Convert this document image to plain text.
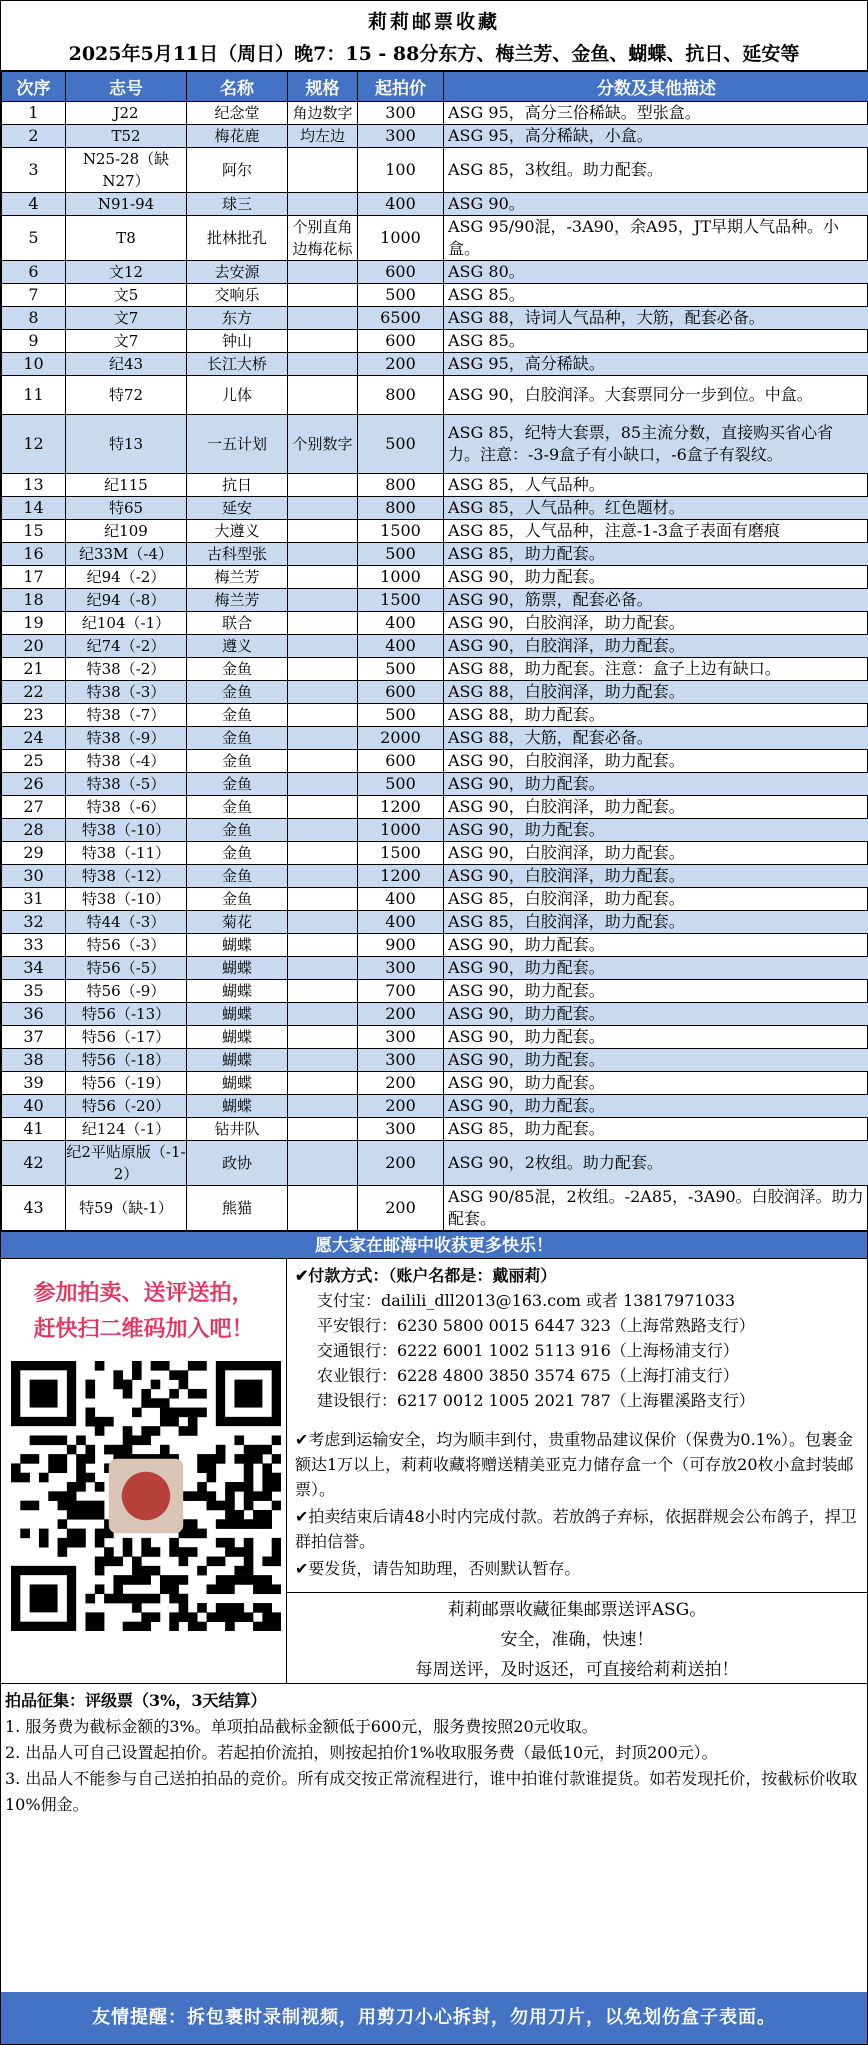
莉莉邮票收藏
2025年5月11日（周日）晚7：15 - 88分东方、梅兰芳、金鱼、蝴蝶、抗日、延安等
次序	志号	名称	规格	起拍价	分数及其他描述
1	J22	纪念堂	角边数字	300	ASG 95，高分三俗稀缺。型张盒。
2	T52	梅花鹿	均左边	300	ASG 95，高分稀缺，小盒。
3	N25-28（缺N27）	阿尔		100	ASG 85，3枚组。助力配套。
4	N91-94	球三		400	ASG 90。
5	T8	批林批孔	个别直角边梅花标	1000	ASG 95/90混，-3A90，余A95，JT早期人气品种。小盒。
6	文12	去安源		600	ASG 80。
7	文5	交响乐		500	ASG 85。
8	文7	东方		6500	ASG 88，诗词人气品种，大筋，配套必备。
9	文7	钟山		600	ASG 85。
10	纪43	长江大桥		200	ASG 95，高分稀缺。
11	特72	儿体		800	ASG 90，白胶润泽。大套票同分一步到位。中盒。
12	特13	一五计划	个别数字	500	ASG 85，纪特大套票，85主流分数，直接购买省心省力。注意：-3-9盒子有小缺口，-6盒子有裂纹。
13	纪115	抗日		800	ASG 85，人气品种。
14	特65	延安		800	ASG 85，人气品种。红色题材。
15	纪109	大遵义		1500	ASG 85，人气品种，注意-1-3盒子表面有磨痕
16	纪33M（-4）	古科型张		500	ASG 85，助力配套。
17	纪94（-2）	梅兰芳		1000	ASG 90，助力配套。
18	纪94（-8）	梅兰芳		1500	ASG 90，筋票，配套必备。
19	纪104（-1）	联合		400	ASG 90，白胶润泽，助力配套。
20	纪74（-2）	遵义		400	ASG 90，白胶润泽，助力配套。
21	特38（-2）	金鱼		500	ASG 88，助力配套。注意：盒子上边有缺口。
22	特38（-3）	金鱼		600	ASG 88，白胶润泽，助力配套。
23	特38（-7）	金鱼		500	ASG 88，助力配套。
24	特38（-9）	金鱼		2000	ASG 88，大筋，配套必备。
25	特38（-4）	金鱼		600	ASG 90，白胶润泽，助力配套。
26	特38（-5）	金鱼		500	ASG 90，助力配套。
27	特38（-6）	金鱼		1200	ASG 90，白胶润泽，助力配套。
28	特38（-10）	金鱼		1000	ASG 90，助力配套。
29	特38（-11）	金鱼		1500	ASG 90，白胶润泽，助力配套。
30	特38（-12）	金鱼		1200	ASG 90，白胶润泽，助力配套。
31	特38（-10）	金鱼		400	ASG 85，白胶润泽，助力配套。
32	特44（-3）	菊花		400	ASG 85，白胶润泽，助力配套。
33	特56（-3）	蝴蝶		900	ASG 90，助力配套。
34	特56（-5）	蝴蝶		300	ASG 90，助力配套。
35	特56（-9）	蝴蝶		700	ASG 90，助力配套。
36	特56（-13）	蝴蝶		200	ASG 90，助力配套。
37	特56（-17）	蝴蝶		300	ASG 90，助力配套。
38	特56（-18）	蝴蝶		300	ASG 90，助力配套。
39	特56（-19）	蝴蝶		200	ASG 90，助力配套。
40	特56（-20）	蝴蝶		200	ASG 90，助力配套。
41	纪124（-1）	钻井队		300	ASG 85，助力配套。
42	纪2平贴原版（-1-2）	政协		200	ASG 90，2枚组。助力配套。
43	特59（缺-1）	熊猫		200	ASG 90/85混，2枚组。-2A85，-3A90。白胶润泽。助力配套。
愿大家在邮海中收获更多快乐！
参加拍卖、送评送拍，
赶快扫二维码加入吧！
✔付款方式：（账户名都是：戴丽莉）
支付宝：dailili_dll2013@163.com 或者 13817971033
平安银行：6230 5800 0015 6447 323（上海常熟路支行）
交通银行：6222 6001 1002 5113 916（上海杨浦支行）
农业银行：6228 4800 3850 3574 675（上海打浦支行）
建设银行：6217 0012 1005 2021 787（上海瞿溪路支行）
✔考虑到运输安全，均为顺丰到付，贵重物品建议保价（保费为0.1%）。包裹金额达1万以上，莉莉收藏将赠送精美亚克力储存盒一个（可存放20枚小盒封装邮票）。
✔拍卖结束后请48小时内完成付款。若放鸽子弃标，依据群规会公布鸽子，捍卫群拍信誉。
✔要发货，请告知助理，否则默认暂存。
莉莉邮票收藏征集邮票送评ASG。
安全，准确，快速！
每周送评，及时返还，可直接给莉莉送拍！
拍品征集：评级票（3%，3天结算）
1. 服务费为截标金额的3%。单项拍品截标金额低于600元，服务费按照20元收取。
2. 出品人可自己设置起拍价。若起拍价流拍，则按起拍价1%收取服务费（最低10元，封顶200元）。
3. 出品人不能参与自己送拍拍品的竞价。所有成交按正常流程进行，谁中拍谁付款谁提货。如若发现托价，按截标价收取10%佣金。
友情提醒：拆包裹时录制视频，用剪刀小心拆封，勿用刀片，以免划伤盒子表面。
